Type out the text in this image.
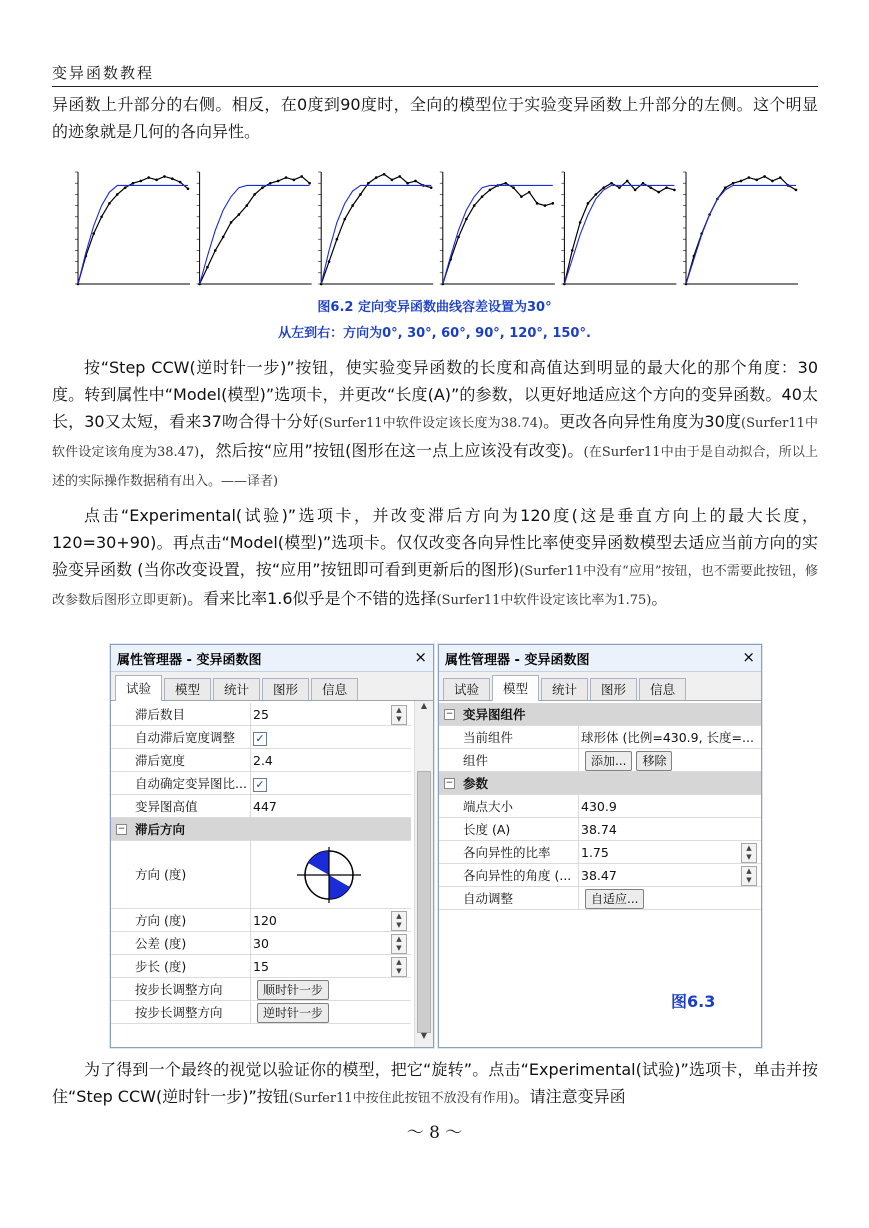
变异函数教程
异函数上升部分的右侧。相反，在0度到90度时，全向的模型位于实验变异函数上升部分的左侧。这个明显的迹象就是几何的各向异性。
图6.2 定向变异函数曲线容差设置为30°
从左到右：方向为0°, 30°, 60°, 90°, 120°, 150°.
按“Step CCW(逆时针一步)”按钮，使实验变异函数的长度和高值达到明显的最大化的那个角度：30度。转到属性中“Model(模型)”选项卡，并更改“长度(A)”的参数，以更好地适应这个方向的变异函数。40太长，30又太短，看来37吻合得十分好(Surfer11中软件设定该长度为38.74)。更改各向异性角度为30度(Surfer11中软件设定该角度为38.47)，然后按“应用”按钮(图形在这一点上应该没有改变)。(在Surfer11中由于是自动拟合，所以上述的实际操作数据稍有出入。——译者)
点击“Experimental(试验)”选项卡，并改变滞后方向为120度(这是垂直方向上的最大长度，120=30+90)。再点击“Model(模型)”选项卡。仅仅改变各向异性比率使变异函数模型去适应当前方向的实验变异函数 (当你改变设置，按“应用”按钮即可看到更新后的图形)(Surfer11中没有“应用”按钮，也不需要此按钮，修改参数后图形立即更新)。看来比率1.6似乎是个不错的选择(Surfer11中软件设定该比率为1.75)。
属性管理器 - 变异函数图	×
试验	模型	统计	图形	信息
滞后数目	25	▲
▼
自动滞后宽度调整	✓
滞后宽度	2.4
自动确定变异图比... ✓
变异图高值	447
− 滞后方向
方向 (度)
方向 (度)	120	▲
▼
公差 (度)	30	▲
▼
步长 (度)	15	▲
▼
按步长调整方向	顺时针一步
按步长调整方向	逆时针一步
▲
▼
属性管理器 - 变异函数图	×
试验	模型	统计	图形	信息
− 变异图组件
当前组件	球形体 (比例=430.9, 长度=...
组件	添加... 移除
− 参数
端点大小	430.9
长度 (A)	38.74
各向异性的比率	1.75	▲
▼
各向异性的角度 (... 38.47	▲
▼
自动调整	自适应...
图6.3
为了得到一个最终的视觉以验证你的模型，把它“旋转”。点击“Experimental(试验)”选项卡，单击并按住“Step CCW(逆时针一步)”按钮(Surfer11中按住此按钮不放没有作用)。请注意变异函
～ 8 ～
